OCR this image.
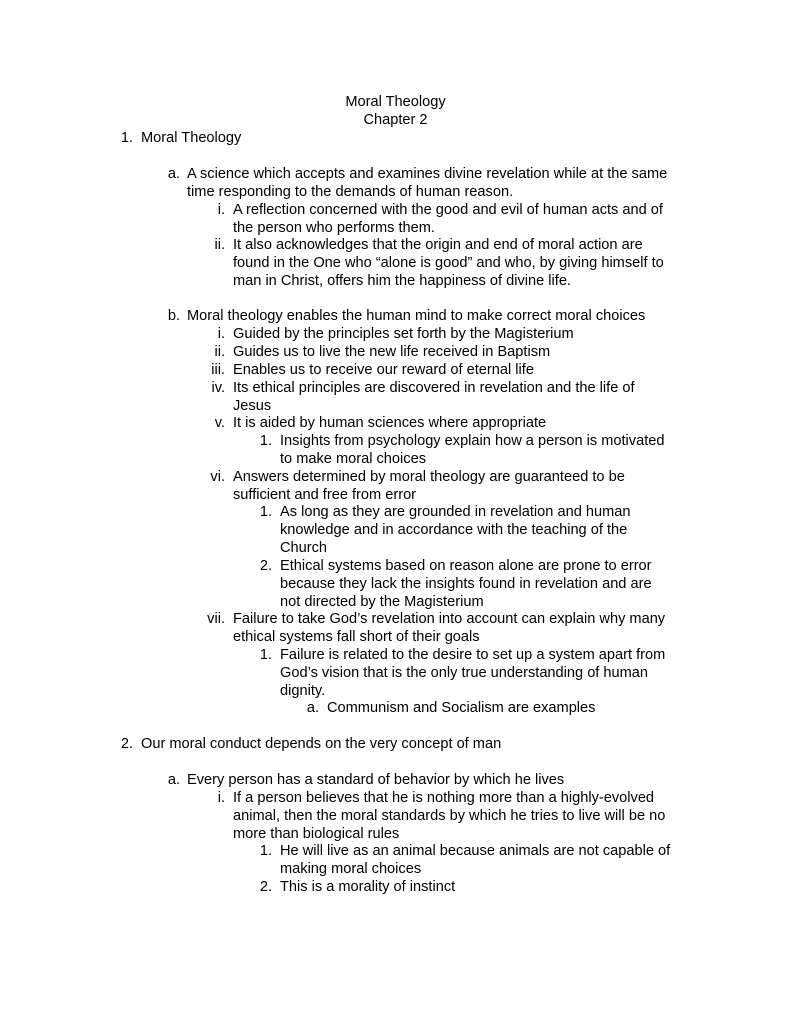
Moral Theology
Chapter 2
1. Moral Theology
a. A science which accepts and examines divine revelation while at the same
time responding to the demands of human reason.
i. A reflection concerned with the good and evil of human acts and of
the person who performs them.
ii. It also acknowledges that the origin and end of moral action are
found in the One who “alone is good” and who, by giving himself to
man in Christ, offers him the happiness of divine life.
b. Moral theology enables the human mind to make correct moral choices
i. Guided by the principles set forth by the Magisterium
ii. Guides us to live the new life received in Baptism
iii. Enables us to receive our reward of eternal life
iv. Its ethical principles are discovered in revelation and the life of
Jesus
v. It is aided by human sciences where appropriate
1. Insights from psychology explain how a person is motivated
to make moral choices
vi. Answers determined by moral theology are guaranteed to be
sufficient and free from error
1. As long as they are grounded in revelation and human
knowledge and in accordance with the teaching of the
Church
2. Ethical systems based on reason alone are prone to error
because they lack the insights found in revelation and are
not directed by the Magisterium
vii. Failure to take God’s revelation into account can explain why many
ethical systems fall short of their goals
1. Failure is related to the desire to set up a system apart from
God’s vision that is the only true understanding of human
dignity.
a. Communism and Socialism are examples
2. Our moral conduct depends on the very concept of man
a. Every person has a standard of behavior by which he lives
i. If a person believes that he is nothing more than a highly-evolved
animal, then the moral standards by which he tries to live will be no
more than biological rules
1. He will live as an animal because animals are not capable of
making moral choices
2. This is a morality of instinct
